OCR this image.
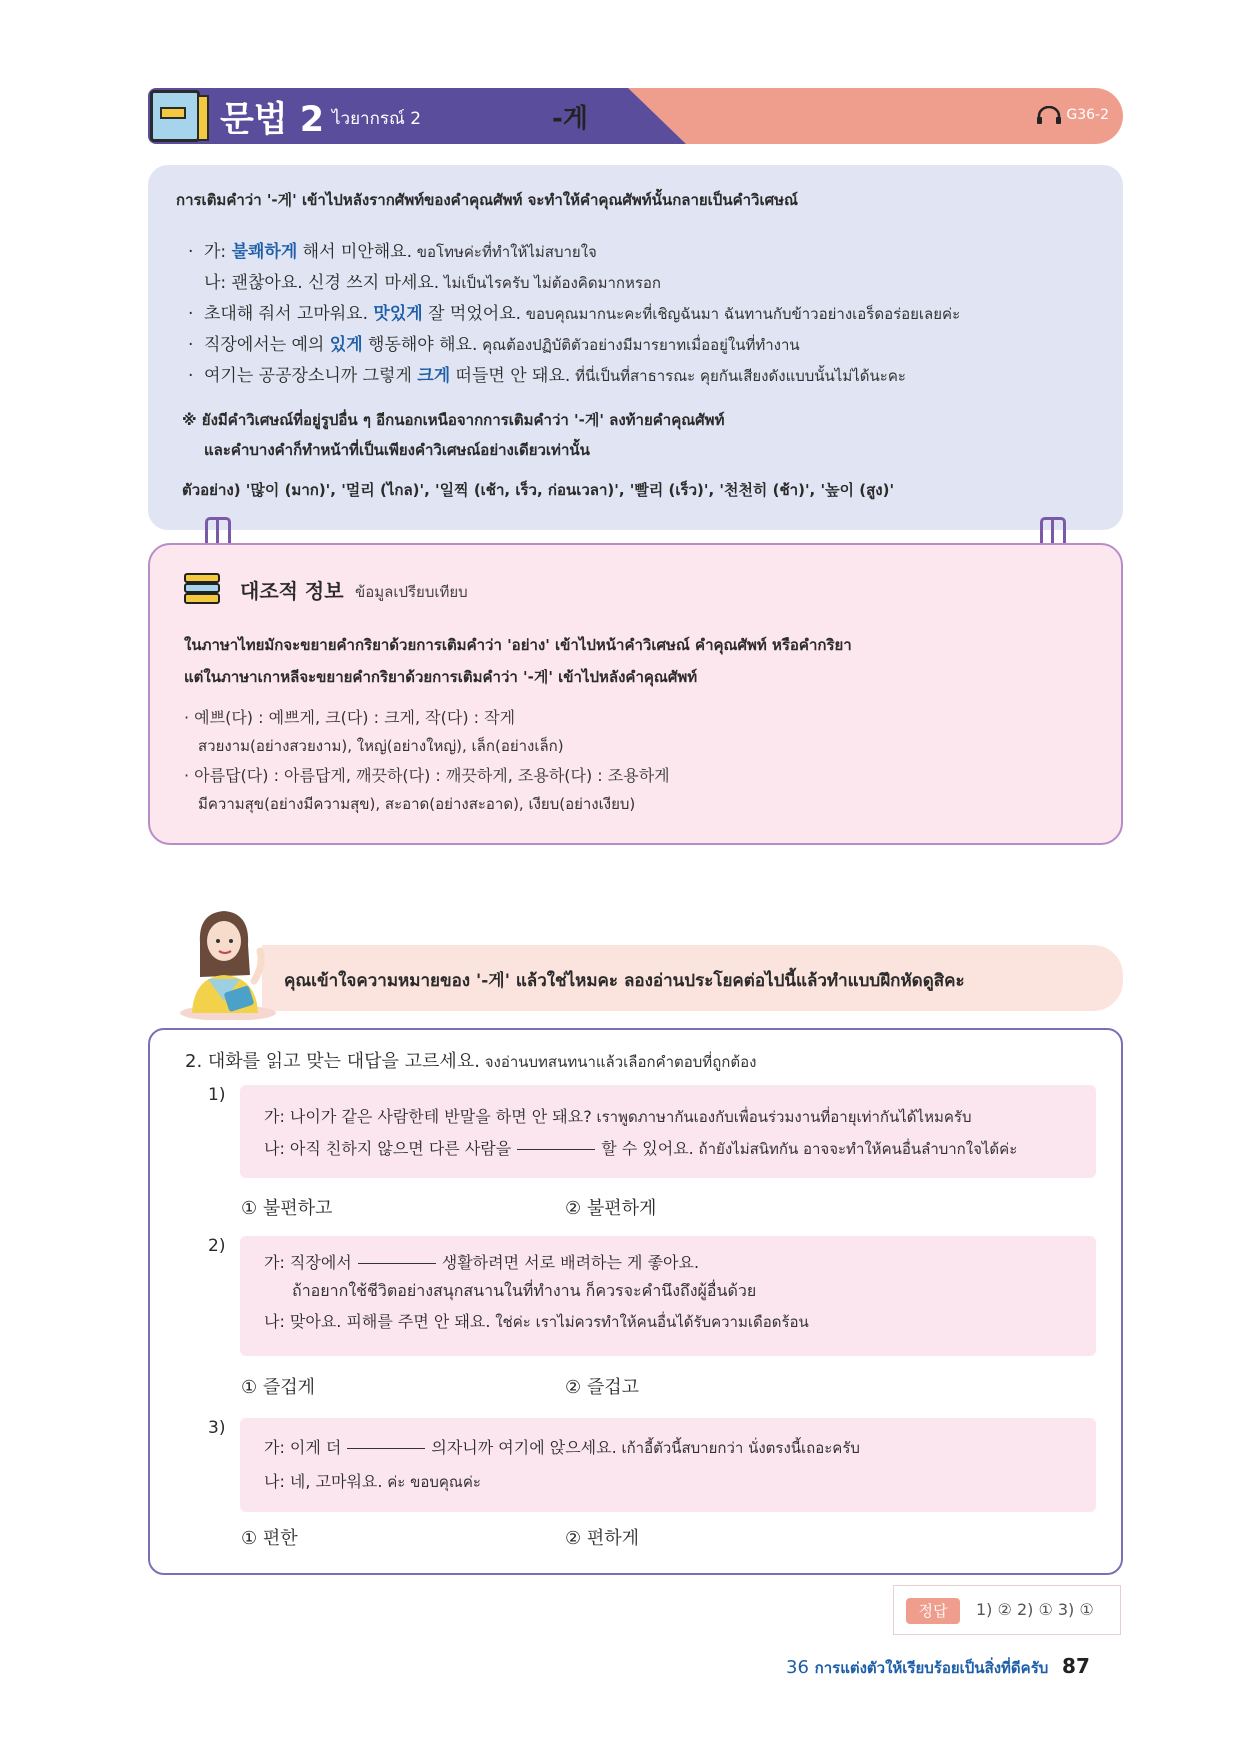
문법 2 ไวยากรณ์ 2	-게	G36-2
การเติมคำว่า '-게' เข้าไปหลังรากศัพท์ของคำคุณศัพท์ จะทำให้คำคุณศัพท์นั้นกลายเป็นคำวิเศษณ์
· 가: 불쾌하게 해서 미안해요. ขอโทษค่ะที่ทำให้ไม่สบายใจ
나: 괜찮아요. 신경 쓰지 마세요. ไม่เป็นไรครับ ไม่ต้องคิดมากหรอก
· 초대해 줘서 고마워요. 맛있게 잘 먹었어요. ขอบคุณมากนะคะที่เชิญฉันมา ฉันทานกับข้าวอย่างเอร็ดอร่อยเลยค่ะ
· 직장에서는 예의 있게 행동해야 해요. คุณต้องปฏิบัติตัวอย่างมีมารยาทเมื่ออยู่ในที่ทำงาน
· 여기는 공공장소니까 그렇게 크게 떠들면 안 돼요. ที่นี่เป็นที่สาธารณะ คุยกันเสียงดังแบบนั้นไม่ได้นะคะ
※ ยังมีคำวิเศษณ์ที่อยู่รูปอื่น ๆ อีกนอกเหนือจากการเติมคำว่า '-게' ลงท้ายคำคุณศัพท์
และคำบางคำก็ทำหน้าที่เป็นเพียงคำวิเศษณ์อย่างเดียวเท่านั้น
ตัวอย่าง) '많이 (มาก)', '멀리 (ไกล)', '일찍 (เช้า, เร็ว, ก่อนเวลา)', '빨리 (เร็ว)', '천천히 (ช้า)', '높이 (สูง)'
대조적 정보 ข้อมูลเปรียบเทียบ
ในภาษาไทยมักจะขยายคำกริยาด้วยการเติมคำว่า 'อย่าง' เข้าไปหน้าคำวิเศษณ์ คำคุณศัพท์ หรือคำกริยา
แต่ในภาษาเกาหลีจะขยายคำกริยาด้วยการเติมคำว่า '-게' เข้าไปหลังคำคุณศัพท์
· 예쁘(다) : 예쁘게, 크(다) : 크게, 작(다) : 작게
สวยงาม(อย่างสวยงาม), ใหญ่(อย่างใหญ่), เล็ก(อย่างเล็ก)
· 아름답(다) : 아름답게, 깨끗하(다) : 깨끗하게, 조용하(다) : 조용하게
มีความสุข(อย่างมีความสุข), สะอาด(อย่างสะอาด), เงียบ(อย่างเงียบ)
คุณเข้าใจความหมายของ '-게' แล้วใช่ไหมคะ ลองอ่านประโยคต่อไปนี้แล้วทำแบบฝึกหัดดูสิคะ
2. 대화를 읽고 맞는 대답을 고르세요. จงอ่านบทสนทนาแล้วเลือกคำตอบที่ถูกต้อง
1)
가: 나이가 같은 사람한테 반말을 하면 안 돼요? เราพูดภาษากันเองกับเพื่อนร่วมงานที่อายุเท่ากันได้ไหมครับ
나: 아직 친하지 않으면 다른 사람을	할 수 있어요. ถ้ายังไม่สนิทกัน อาจจะทำให้คนอื่นลำบากใจได้ค่ะ
① 불편하고	② 불편하게
2)
가: 직장에서	생활하려면 서로 배려하는 게 좋아요.
ถ้าอยากใช้ชีวิตอย่างสนุกสนานในที่ทำงาน ก็ควรจะคำนึงถึงผู้อื่นด้วย
나: 맞아요. 피해를 주면 안 돼요. ใช่ค่ะ เราไม่ควรทำให้คนอื่นได้รับความเดือดร้อน
① 즐겁게	② 즐겁고
3)
가: 이게 더	의자니까 여기에 앉으세요. เก้าอี้ตัวนี้สบายกว่า นั่งตรงนี้เถอะครับ
나: 네, 고마워요. ค่ะ ขอบคุณค่ะ
① 편한	② 편하게
정답	1) ② 2) ① 3) ①
36 การแต่งตัวให้เรียบร้อยเป็นสิ่งที่ดีครับ 87
